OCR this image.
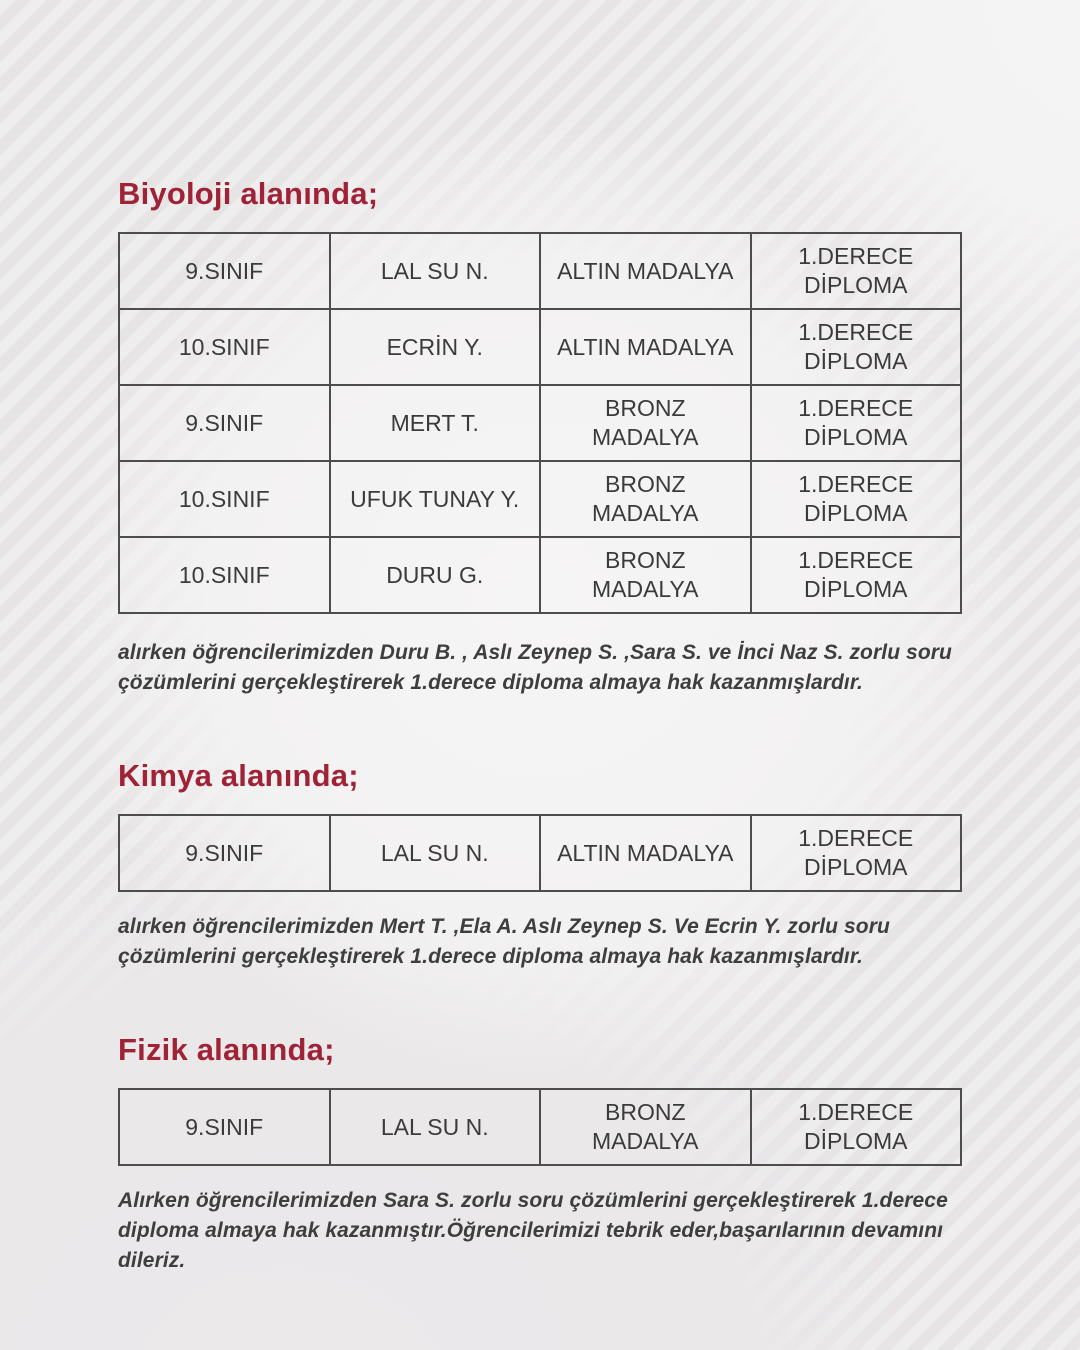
Biyoloji alanında;
9.SINIF	LAL SU N.	ALTIN MADALYA	1.DERECE DİPLOMA
10.SINIF	ECRİN Y.	ALTIN MADALYA	1.DERECE DİPLOMA
9.SINIF	MERT T.	BRONZ MADALYA	1.DERECE DİPLOMA
10.SINIF	UFUK TUNAY Y.	BRONZ MADALYA	1.DERECE DİPLOMA
10.SINIF	DURU G.	BRONZ MADALYA	1.DERECE DİPLOMA

alırken öğrencilerimizden Duru B. , Aslı Zeynep S. ,Sara S. ve İnci Naz S. zorlu soru çözümlerini gerçekleştirerek 1.derece diploma almaya hak kazanmışlardır.

Kimya alanında;
9.SINIF	LAL SU N.	ALTIN MADALYA	1.DERECE DİPLOMA

alırken öğrencilerimizden Mert T. ,Ela A. Aslı Zeynep S. Ve Ecrin Y. zorlu soru çözümlerini gerçekleştirerek 1.derece diploma almaya hak kazanmışlardır.

Fizik alanında;
9.SINIF	LAL SU N.	BRONZ MADALYA	1.DERECE DİPLOMA

Alırken öğrencilerimizden Sara S. zorlu soru çözümlerini gerçekleştirerek 1.derece diploma almaya hak kazanmıştır.Öğrencilerimizi tebrik eder,başarılarının devamını dileriz.
